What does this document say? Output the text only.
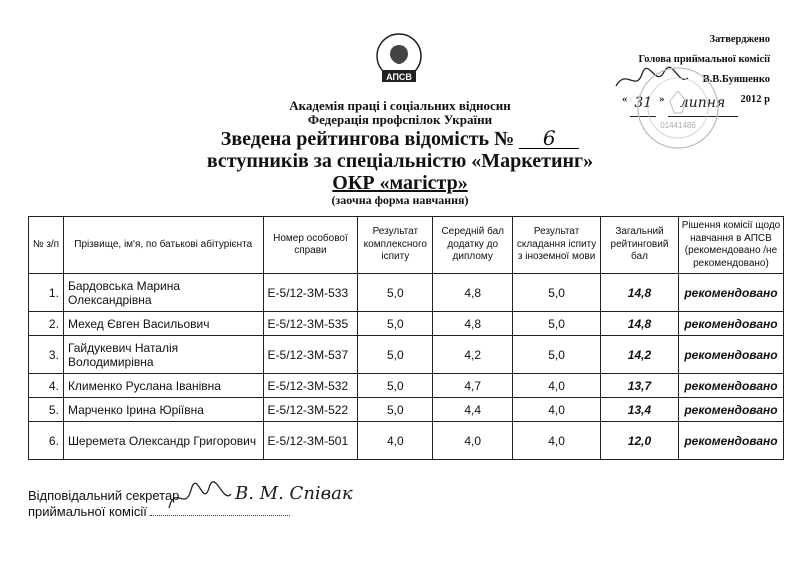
Затверджено
Голова приймальної комісії
В.В.Буяшенко
« 31 »	липня	2012 р
01441486
АПСВ
Академія праці і соціальних відносин
Федерація профспілок України
Зведена рейтингова відомість № 6
вступників за спеціальністю «Маркетинг»
ОКР «магістр»
(заочна форма навчання)
№ з/п	Прізвище, ім'я, по батькові абітурієнта	Номер особової справи	Результат комплексного іспиту	Середній бал додатку до диплому	Результат складання іспиту з іноземної мови	Загальний рейтинговий бал	Рішення комісії щодо навчання в АПСВ (рекомендовано /не рекомендовано)
1.	Бардовська Марина Олександрівна	Е-5/12-ЗМ-533	5,0	4,8	5,0	14,8	рекомендовано
2.	Мехед Євген Васильович	Е-5/12-ЗМ-535	5,0	4,8	5,0	14,8	рекомендовано
3.	Гайдукевич Наталія Володимирівна	Е-5/12-ЗМ-537	5,0	4,2	5,0	14,2	рекомендовано
4.	Клименко Руслана Іванівна	Е-5/12-ЗМ-532	5,0	4,7	4,0	13,7	рекомендовано
5.	Марченко Ірина Юріївна	Е-5/12-ЗМ-522	5,0	4,4	4,0	13,4	рекомендовано
6.	Шеремета Олександр Григорович	Е-5/12-ЗМ-501	4,0	4,0	4,0	12,0	рекомендовано
Відповідальний секретар
приймальної комісії
В. М. Співак
